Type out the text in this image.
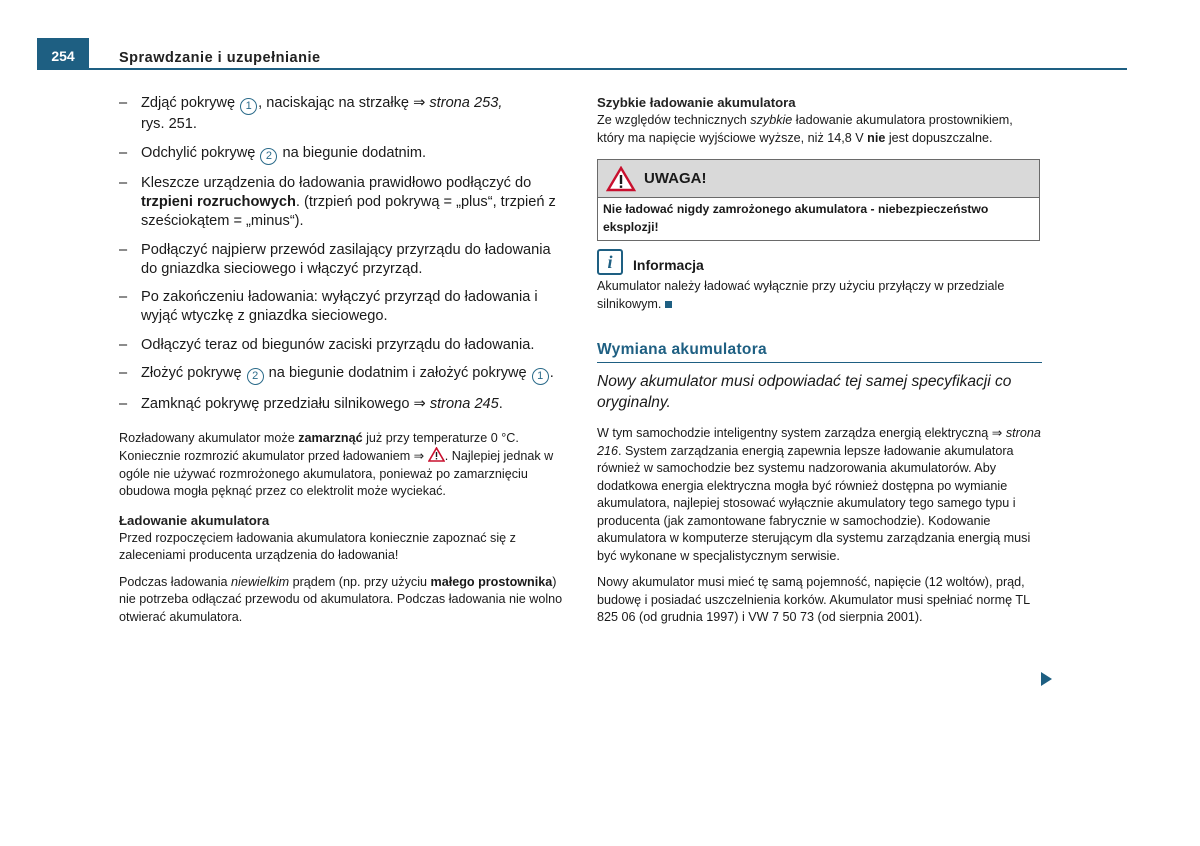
254	Sprawdzanie i uzupełnianie
– Zdjąć pokrywę 1 , naciskając na strzałkę ⇒ strona 253,
rys. 251.
– Odchylić pokrywę 2 na biegunie dodatnim.
– Kleszcze urządzenia do ładowania prawidłowo podłączyć do trzpieni rozruchowych. (trzpień pod pokrywą = „plus“, trzpień z sześciokątem = „minus“).
– Podłączyć najpierw przewód zasilający przyrządu do ładowania do gniazdka sieciowego i włączyć przyrząd.
– Po zakończeniu ładowania: wyłączyć przyrząd do ładowania i wyjąć wtyczkę z gniazdka sieciowego.
– Odłączyć teraz od biegunów zaciski przyrządu do ładowania.
– Złożyć pokrywę 2 na biegunie dodatnim i założyć pokrywę 1 .
– Zamknąć pokrywę przedziału silnikowego ⇒ strona 245.
Rozładowany akumulator może zamarznąć już przy temperaturze 0 °C. Koniecznie rozmrozić akumulator przed ładowaniem ⇒ . Najlepiej jednak w ogóle nie używać rozmrożonego akumulatora, ponieważ po zamarznięciu obudowa mogła pęknąć przez co elektrolit może wyciekać.
Ładowanie akumulatora
Przed rozpoczęciem ładowania akumulatora koniecznie zapoznać się z zaleceniami producenta urządzenia do ładowania!
Podczas ładowania niewielkim prądem (np. przy użyciu małego prostownika) nie potrzeba odłączać przewodu od akumulatora. Podczas ładowania nie wolno otwierać akumulatora.
Szybkie ładowanie akumulatora
Ze względów technicznych szybkie ładowanie akumulatora prostownikiem, który ma napięcie wyjściowe wyższe, niż 14,8 V nie jest dopuszczalne.
UWAGA!
Nie ładować nigdy zamrożonego akumulatora - niebezpieczeństwo eksplozji!
i	Informacja
Akumulator należy ładować wyłącznie przy użyciu przyłączy w przedziale silnikowym.
Wymiana akumulatora
Nowy akumulator musi odpowiadać tej samej specyfikacji co oryginalny.
W tym samochodzie inteligentny system zarządza energią elektryczną ⇒ strona 216. System zarządzania energią zapewnia lepsze ładowanie akumulatora również w samochodzie bez systemu nadzorowania akumulatorów. Aby dodatkowa energia elektryczna mogła być również dostępna po wymianie akumulatora, najlepiej stosować wyłącznie akumulatory tego samego typu i producenta (jak zamontowane fabrycznie w samochodzie). Kodowanie akumulatora w komputerze sterującym dla systemu zarządzania energią musi być wykonane w specjalistycznym serwisie.
Nowy akumulator musi mieć tę samą pojemność, napięcie (12 woltów), prąd, budowę i posiadać uszczelnienia korków. Akumulator musi spełniać normę TL 825 06 (od grudnia 1997) i VW 7 50 73 (od sierpnia 2001).
